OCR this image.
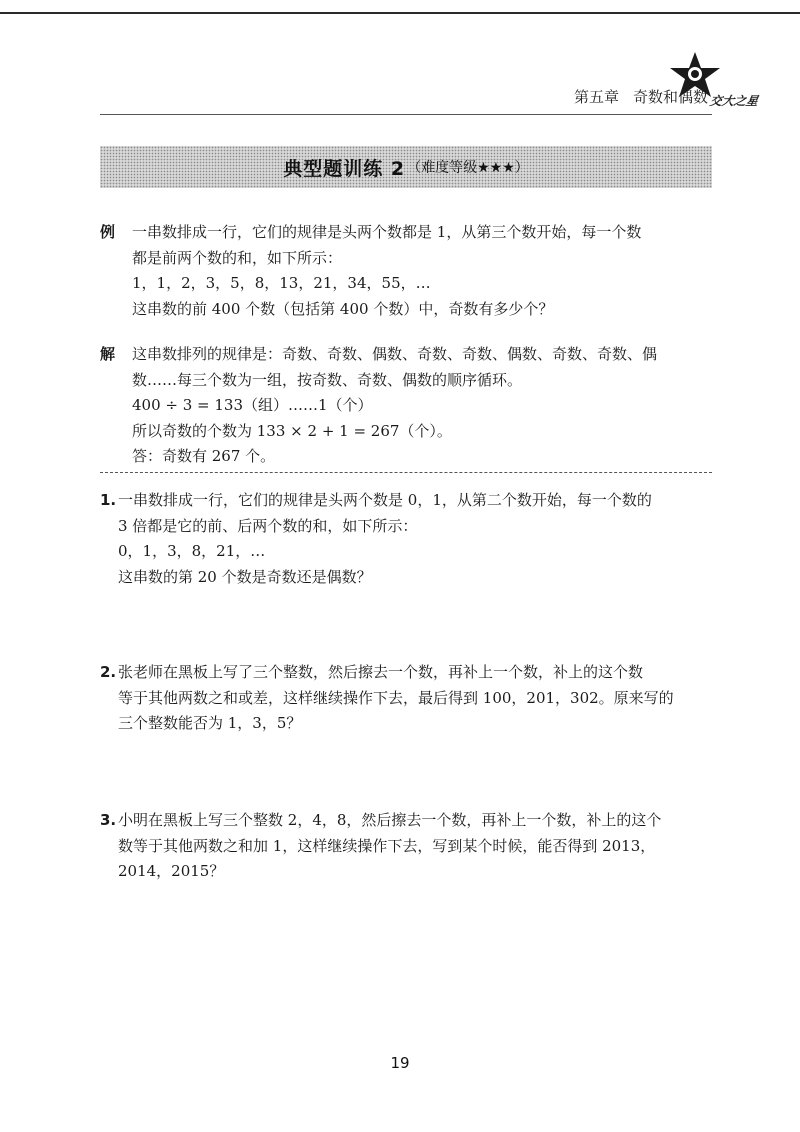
第五章 奇数和偶数 交大之星
典型题训练 2 （难度等级★★★）
例 一串数排成一行，它们的规律是头两个数都是 1，从第三个数开始，每一个数
都是前两个数的和，如下所示：
1，1，2，3，5，8，13，21，34，55，…
这串数的前 400 个数（包括第 400 个数）中，奇数有多少个？
解 这串数排列的规律是：奇数、奇数、偶数、奇数、奇数、偶数、奇数、奇数、偶
数……每三个数为一组，按奇数、奇数、偶数的顺序循环。
400 ÷ 3 = 133（组）……1（个）
所以奇数的个数为 133 × 2 + 1 = 267（个）。
答：奇数有 267 个。
1. 一串数排成一行，它们的规律是头两个数是 0，1，从第二个数开始，每一个数的
3 倍都是它的前、后两个数的和，如下所示：
0，1，3，8，21，…
这串数的第 20 个数是奇数还是偶数？
2. 张老师在黑板上写了三个整数，然后擦去一个数，再补上一个数，补上的这个数
等于其他两数之和或差，这样继续操作下去，最后得到 100，201，302。原来写的
三个整数能否为 1，3，5？
3. 小明在黑板上写三个整数 2，4，8，然后擦去一个数，再补上一个数，补上的这个
数等于其他两数之和加 1，这样继续操作下去，写到某个时候，能否得到 2013，
2014，2015？
19
